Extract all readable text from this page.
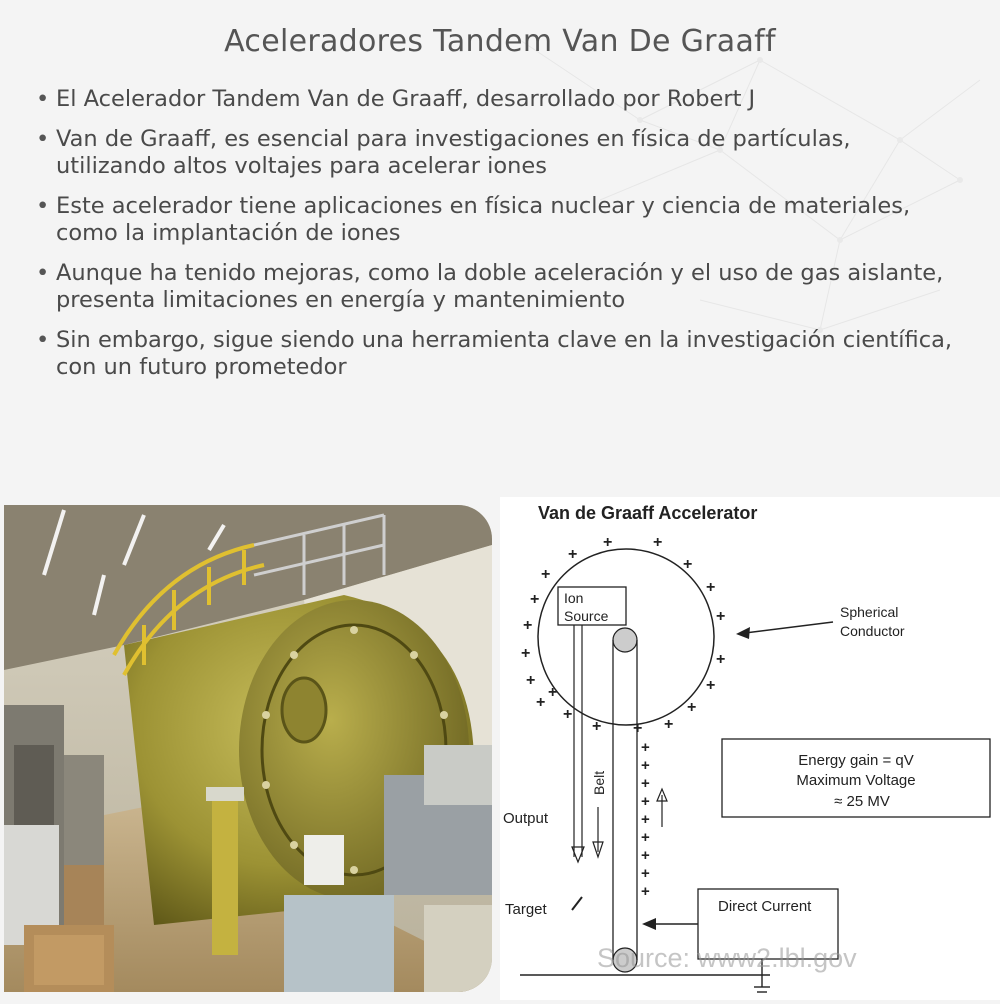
Aceleradores Tandem Van De Graaff
• El Acelerador Tandem Van de Graaff, desarrollado por Robert J
• Van de Graaff, es esencial para investigaciones en física de partículas, utilizando altos voltajes para acelerar iones
• Este acelerador tiene aplicaciones en física nuclear y ciencia de materiales, como la implantación de iones
• Aunque ha tenido mejoras, como la doble aceleración y el uso de gas aislante, presenta limitaciones en energía y mantenimiento
• Sin embargo, sigue siendo una herramienta clave en la investigación científica, con un futuro prometedor
Van de Graaff Accelerator
+
+	+
+
+
+
+
+
+
+
+
+
+
+
+
+
+
+
+
+
Ion
Source	Spherical
Conductor
+
+
+
+
+
+
+
+
+
Belt
Output
Target
Energy gain = qV
Maximum Voltage
≈ 25 MV
Direct Current
Source: www2.lbl.gov
